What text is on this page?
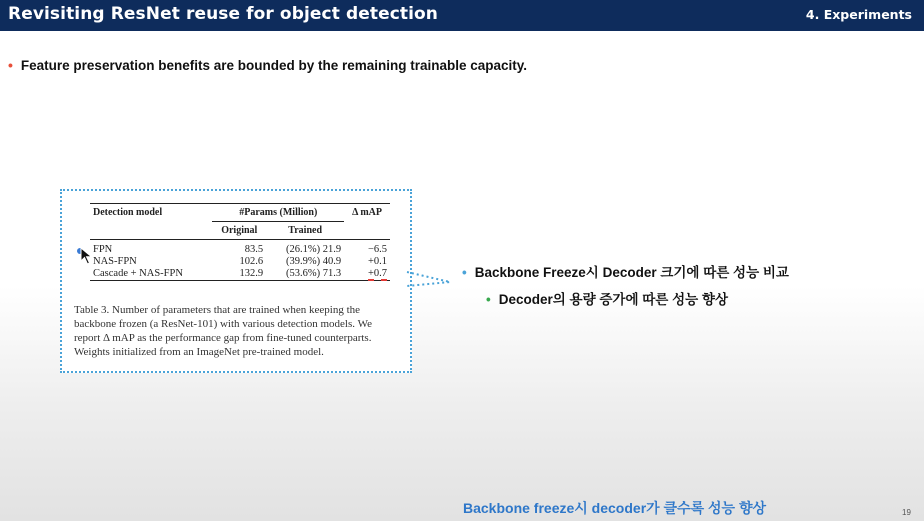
Revisiting ResNet reuse for object detection	4. Experiments
• Feature preservation benefits are bounded by the remaining trainable capacity.
Detection model	#Params (Million)		Δ mAP
	Original	Trained	

FPN	83.5	(26.1%) 21.9	−6.5
NAS-FPN	102.6	(39.9%) 40.9	+0.1
Cascade + NAS-FPN	132.9	(53.6%) 71.3	+0.7
Table 3. Number of parameters that are trained when keeping the backbone frozen (a ResNet-101) with various detection models. We report Δ mAP as the performance gap from fine-tuned counterparts. Weights initialized from an ImageNet pre-trained model.
• Backbone Freeze시 Decoder 크기에 따른 성능 비교
• Decoder의 용량 증가에 따른 성능 향상
Backbone freeze시 decoder가 클수록 성능 향상	19
